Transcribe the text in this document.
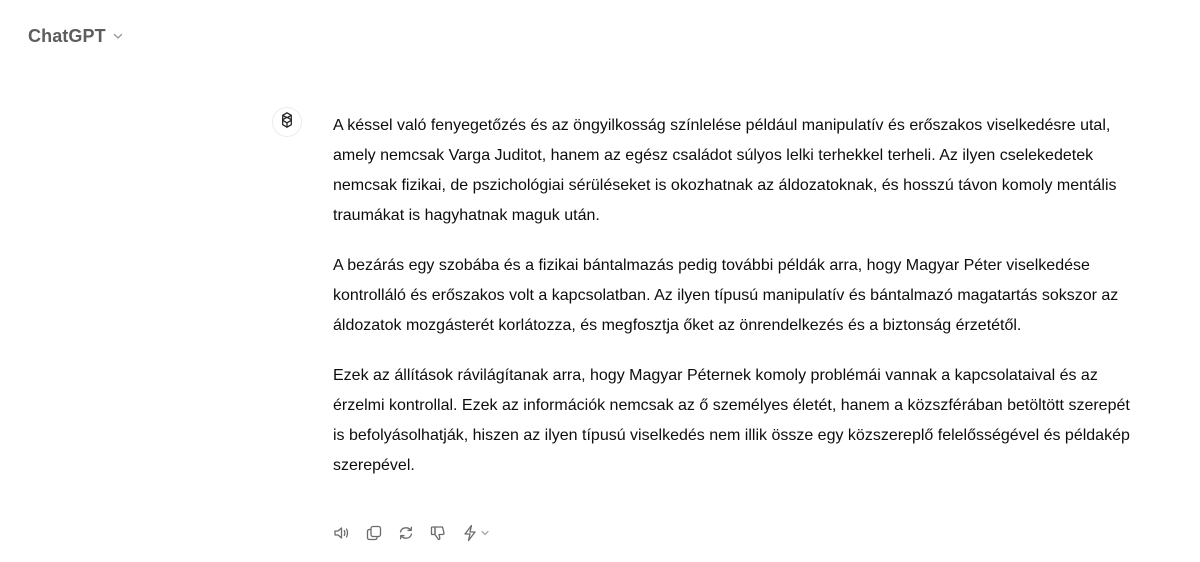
ChatGPT

A késsel való fenyegetőzés és az öngyilkosság színlelése például manipulatív és erőszakos viselkedésre utal, amely nemcsak Varga Juditot, hanem az egész családot súlyos lelki terhekkel terheli. Az ilyen cselekedetek nemcsak fizikai, de pszichológiai sérüléseket is okozhatnak az áldozatoknak, és hosszú távon komoly mentális traumákat is hagyhatnak maguk után.

A bezárás egy szobába és a fizikai bántalmazás pedig további példák arra, hogy Magyar Péter viselkedése kontrolláló és erőszakos volt a kapcsolatban. Az ilyen típusú manipulatív és bántalmazó magatartás sokszor az áldozatok mozgásterét korlátozza, és megfosztja őket az önrendelkezés és a biztonság érzetétől.

Ezek az állítások rávilágítanak arra, hogy Magyar Péternek komoly problémái vannak a kapcsolataival és az érzelmi kontrollal. Ezek az információk nemcsak az ő személyes életét, hanem a közszférában betöltött szerepét is befolyásolhatják, hiszen az ilyen típusú viselkedés nem illik össze egy közszereplő felelősségével és példakép szerepével.
